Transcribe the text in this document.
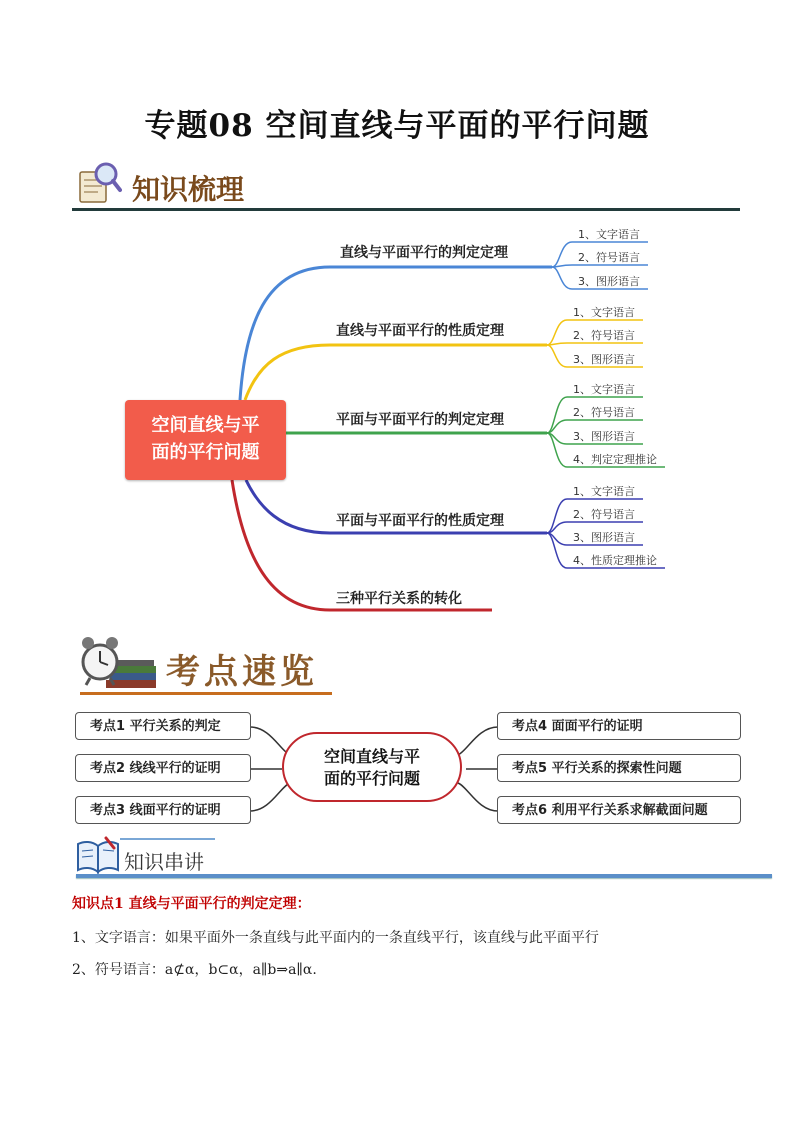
专题08 空间直线与平面的平行问题
知识梳理
空间直线与平
面的平行问题
直线与平面平行的判定定理
直线与平面平行的性质定理
平面与平面平行的判定定理
平面与平面平行的性质定理
三种平行关系的转化
1、文字语言
2、符号语言
3、图形语言
1、文字语言
2、符号语言
3、图形语言
1、文字语言
2、符号语言
3、图形语言
4、判定定理推论
1、文字语言
2、符号语言
3、图形语言
4、性质定理推论
考点速览
考点1 平行关系的判定
考点2 线线平行的证明
考点3 线面平行的证明
空间直线与平
面的平行问题
考点4 面面平行的证明
考点5 平行关系的探索性问题
考点6 利用平行关系求解截面问题
知识串讲
知识点1 直线与平面平行的判定定理：
1、文字语言：如果平面外一条直线与此平面内的一条直线平行，该直线与此平面平行
2、符号语言：a⊄α，b⊂α，a∥b⇒a∥α.
